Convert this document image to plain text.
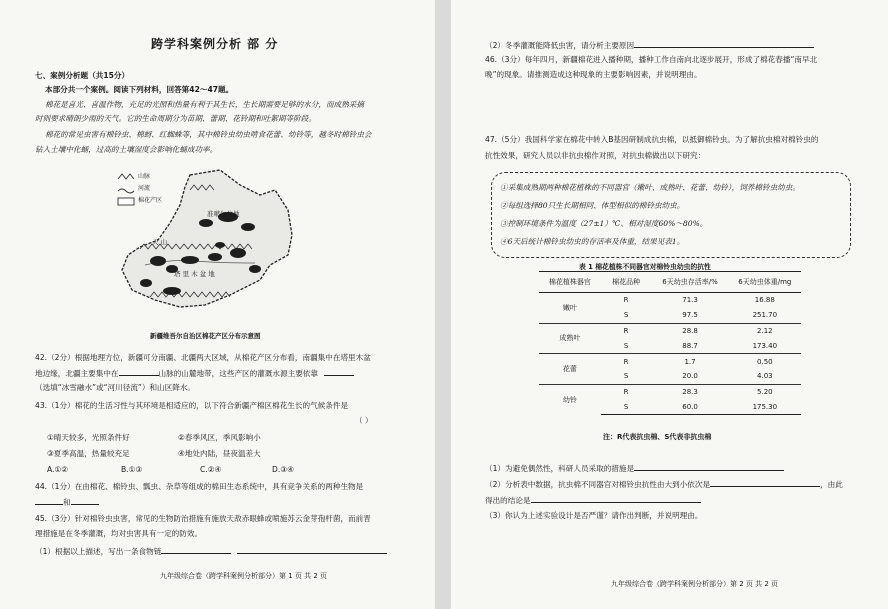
跨学科案例分析 部 分
七、案例分析题（共15分）
本部分共一个案例。阅读下列材料，回答第42～47题。
棉花是喜光、喜温作物，充足的光照和热量有利于其生长，生长期需要足够的水分，而成熟采摘
时则要求晴朗少雨的天气。它的生命周期分为苗期、蕾期、花铃期和吐絮期等阶段。
棉花的常见虫害有棉铃虫、棉蚜、红蜘蛛等，其中棉铃虫幼虫啃食花蕾、幼铃等，越冬时棉铃虫会
钻入土壤中化蛹，过高的土壤湿度会影响化蛹成功率。
山脉
河流
棉花产区
准噶尔盆地
天 山
塔 里 木 盆 地
新疆维吾尔自治区棉花产区分布示意图
42.（2分）根据地理方位，新疆可分南疆、北疆两大区域，从棉花产区分布看，南疆集中在塔里木盆
地边缘，北疆主要集中在	山脉的山麓地带，这些产区的灌溉水源主要依靠
（选填“冰雪融水”或“河川径流”）和山区降水。
43.（1分）棉花的生活习性与其环境是相适应的，以下符合新疆产棉区棉花生长的气候条件是
（ ）
①晴天较多，光照条件好	②春季风区，季风影响小
③夏季高温，热量较充足	④地处内陆，昼夜温差大
A.①②	B.①③	C.②④	D.③④
44.（1分）在由棉花、棉铃虫、瓢虫、杂草等组成的棉田生态系统中，具有竞争关系的两种生物是
和
45.（3分）针对棉铃虫虫害，常见的生物防治措施有施放天敌赤眼蜂或喷施苏云金芽孢杆菌，而前晋
理措施是在冬季灌溉，均对虫害具有一定的防效。
（1）根据以上描述，写出一条食物链
九年级综合卷（跨学科案例分析部分）第 1 页 共 2 页
（2）冬季灌溉能降低虫害，请分析主要原因
46.（3分）每年四月，新疆棉花进入播种期，播种工作自南向北逐步展开，形成了棉花春播“南早北
晚”的现象。请推测造成这种现象的主要影响因素，并说明理由。
47.（5分）我国科学家在棉花中转入B基因研制成抗虫棉，以抵御棉铃虫。为了解抗虫棉对棉铃虫的
抗性效果，研究人员以非抗虫棉作对照，对抗虫棉做出以下研究：
①采集成熟期两种棉花植株的不同器官（嫩叶、成熟叶、花蕾、幼铃），饲养棉铃虫幼虫。
②每组选择80只生长期相同、体型相似的棉铃虫幼虫。
③控制环境条件为温度（27±1）℃、相对湿度60%～80%。
④6天后统计棉铃虫幼虫的存活率及体重，结果见表1。
表 1 棉花植株不同器官对棉铃虫幼虫的抗性
棉花植株器官	棉花品种	6天幼虫存活率/%	6天幼虫体重/mg
嫩叶	R	71.3	16.88
	S	97.5	251.70
成熟叶	R	28.8	2.12
	S	88.7	173.40
花蕾	R	1.7	0.50
	S	20.0	4.03
幼铃	R	28.3	5.20
	S	60.0	175.30
注：R代表抗虫棉、S代表非抗虫棉
（1）为避免偶然性，科研人员采取的措施是
（2）分析表中数据，抗虫棉不同器官对棉铃虫抗性由大到小依次是	，由此
得出的结论是
（3）你认为上述实验设计是否严谨？请作出判断，并说明理由。
九年级综合卷（跨学科案例分析部分）第 2 页 共 2 页
